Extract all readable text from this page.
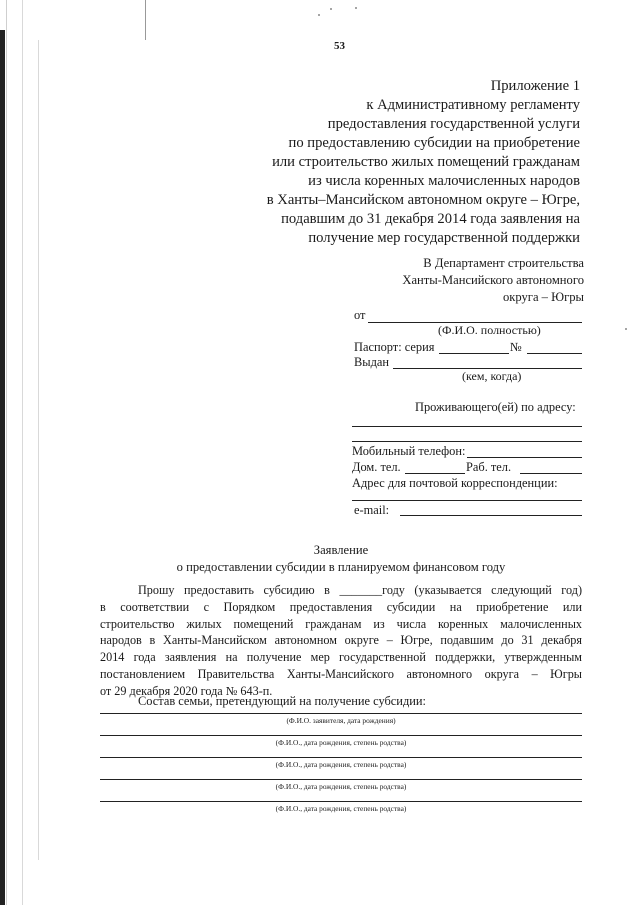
53
Приложение 1
к Административному регламенту
предоставления государственной услуги
по предоставлению субсидии на приобретение
или строительство жилых помещений гражданам
из числа коренных малочисленных народов
в Ханты–Мансийском автономном округе – Югре,
подавшим до 31 декабря 2014 года заявления на
получение мер государственной поддержки
В Департамент строительства
Ханты-Мансийского автономного
округа – Югры
от
(Ф.И.О. полностью)
Паспорт: серия	№
Выдан
(кем, когда)
Проживающего(ей) по адресу:
Мобильный телефон:
Дом. тел.	Раб. тел.
Адрес для почтовой корреспонденции:
e-mail:
Заявление
о предоставлении субсидии в планируемом финансовом году
Прошу предоставить субсидию в _______году (указывается следующий год)
в соответствии с Порядком предоставления субсидии на приобретение или
строительство жилых помещений гражданам из числа коренных малочисленных
народов в Ханты-Мансийском автономном округе – Югре, подавшим до 31 декабря
2014 года заявления на получение мер государственной поддержки, утвержденным
постановлением Правительства Ханты-Мансийского автономного округа – Югры
от 29 декабря 2020 года № 643-п.
Состав семьи, претендующий на получение субсидии:
(Ф.И.О. заявителя, дата рождения)
(Ф.И.О., дата рождения, степень родства)
(Ф.И.О., дата рождения, степень родства)
(Ф.И.О., дата рождения, степень родства)
(Ф.И.О., дата рождения, степень родства)
